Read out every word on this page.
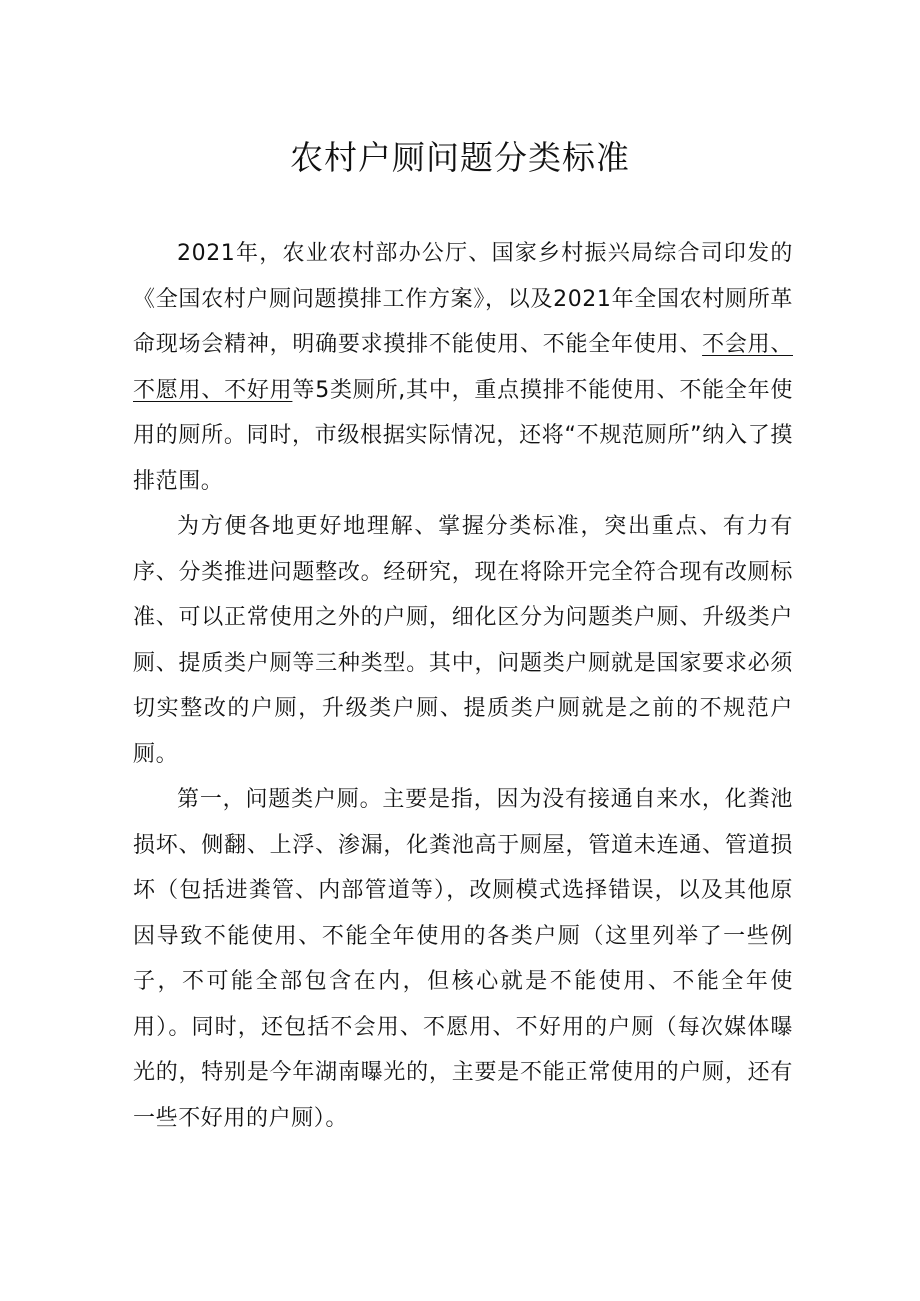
农村户厕问题分类标准

2021年，农业农村部办公厅、国家乡村振兴局综合司印发的《全国农村户厕问题摸排工作方案》，以及2021年全国农村厕所革命现场会精神，明确要求摸排不能使用、不能全年使用、不会用、不愿用、不好用等5类厕所,其中，重点摸排不能使用、不能全年使用的厕所。同时，市级根据实际情况，还将“不规范厕所”纳入了摸排范围。

为方便各地更好地理解、掌握分类标准，突出重点、有力有序、分类推进问题整改。经研究，现在将除开完全符合现有改厕标准、可以正常使用之外的户厕，细化区分为问题类户厕、升级类户厕、提质类户厕等三种类型。其中，问题类户厕就是国家要求必须切实整改的户厕，升级类户厕、提质类户厕就是之前的不规范户厕。

第一，问题类户厕。主要是指，因为没有接通自来水，化粪池损坏、侧翻、上浮、渗漏，化粪池高于厕屋，管道未连通、管道损坏（包括进粪管、内部管道等），改厕模式选择错误，以及其他原因导致不能使用、不能全年使用的各类户厕（这里列举了一些例子，不可能全部包含在内，但核心就是不能使用、不能全年使用）。同时，还包括不会用、不愿用、不好用的户厕（每次媒体曝光的，特别是今年湖南曝光的，主要是不能正常使用的户厕，还有一些不好用的户厕）。
